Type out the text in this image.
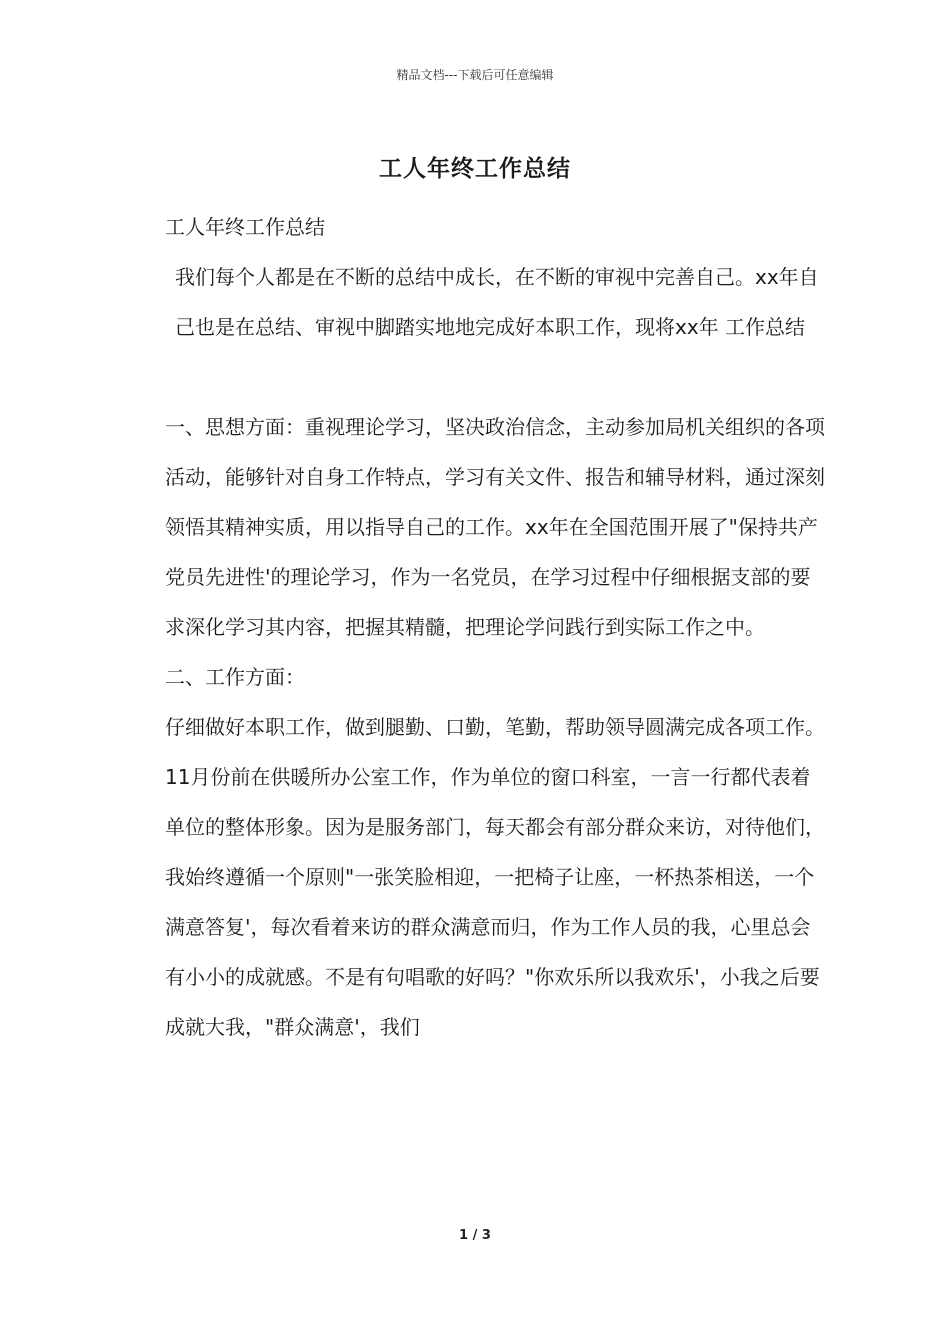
精品文档---下载后可任意编辑
工人年终工作总结

工人年终工作总结

我们每个人都是在不断的总结中成长，在不断的审视中完善自己。xx年自己也是在总结、审视中脚踏实地地完成好本职工作，现将xx年 工作总结

一、思想方面：重视理论学习，坚决政治信念，主动参加局机关组织的各项活动，能够针对自身工作特点，学习有关文件、报告和辅导材料，通过深刻领悟其精神实质，用以指导自己的工作。xx年在全国范围开展了"保持共产党员先进性'的理论学习，作为一名党员，在学习过程中仔细根据支部的要求深化学习其内容，把握其精髓，把理论学问践行到实际工作之中。

二、工作方面：

仔细做好本职工作，做到腿勤、口勤，笔勤，帮助领导圆满完成各项工作。

11月份前在供暖所办公室工作，作为单位的窗口科室，一言一行都代表着单位的整体形象。因为是服务部门，每天都会有部分群众来访，对待他们，我始终遵循一个原则"一张笑脸相迎，一把椅子让座，一杯热茶相送，一个满意答复'，每次看着来访的群众满意而归，作为工作人员的我，心里总会有小小的成就感。不是有句唱歌的好吗？"你欢乐所以我欢乐'，小我之后要成就大我，"群众满意'，我们

1 / 3
